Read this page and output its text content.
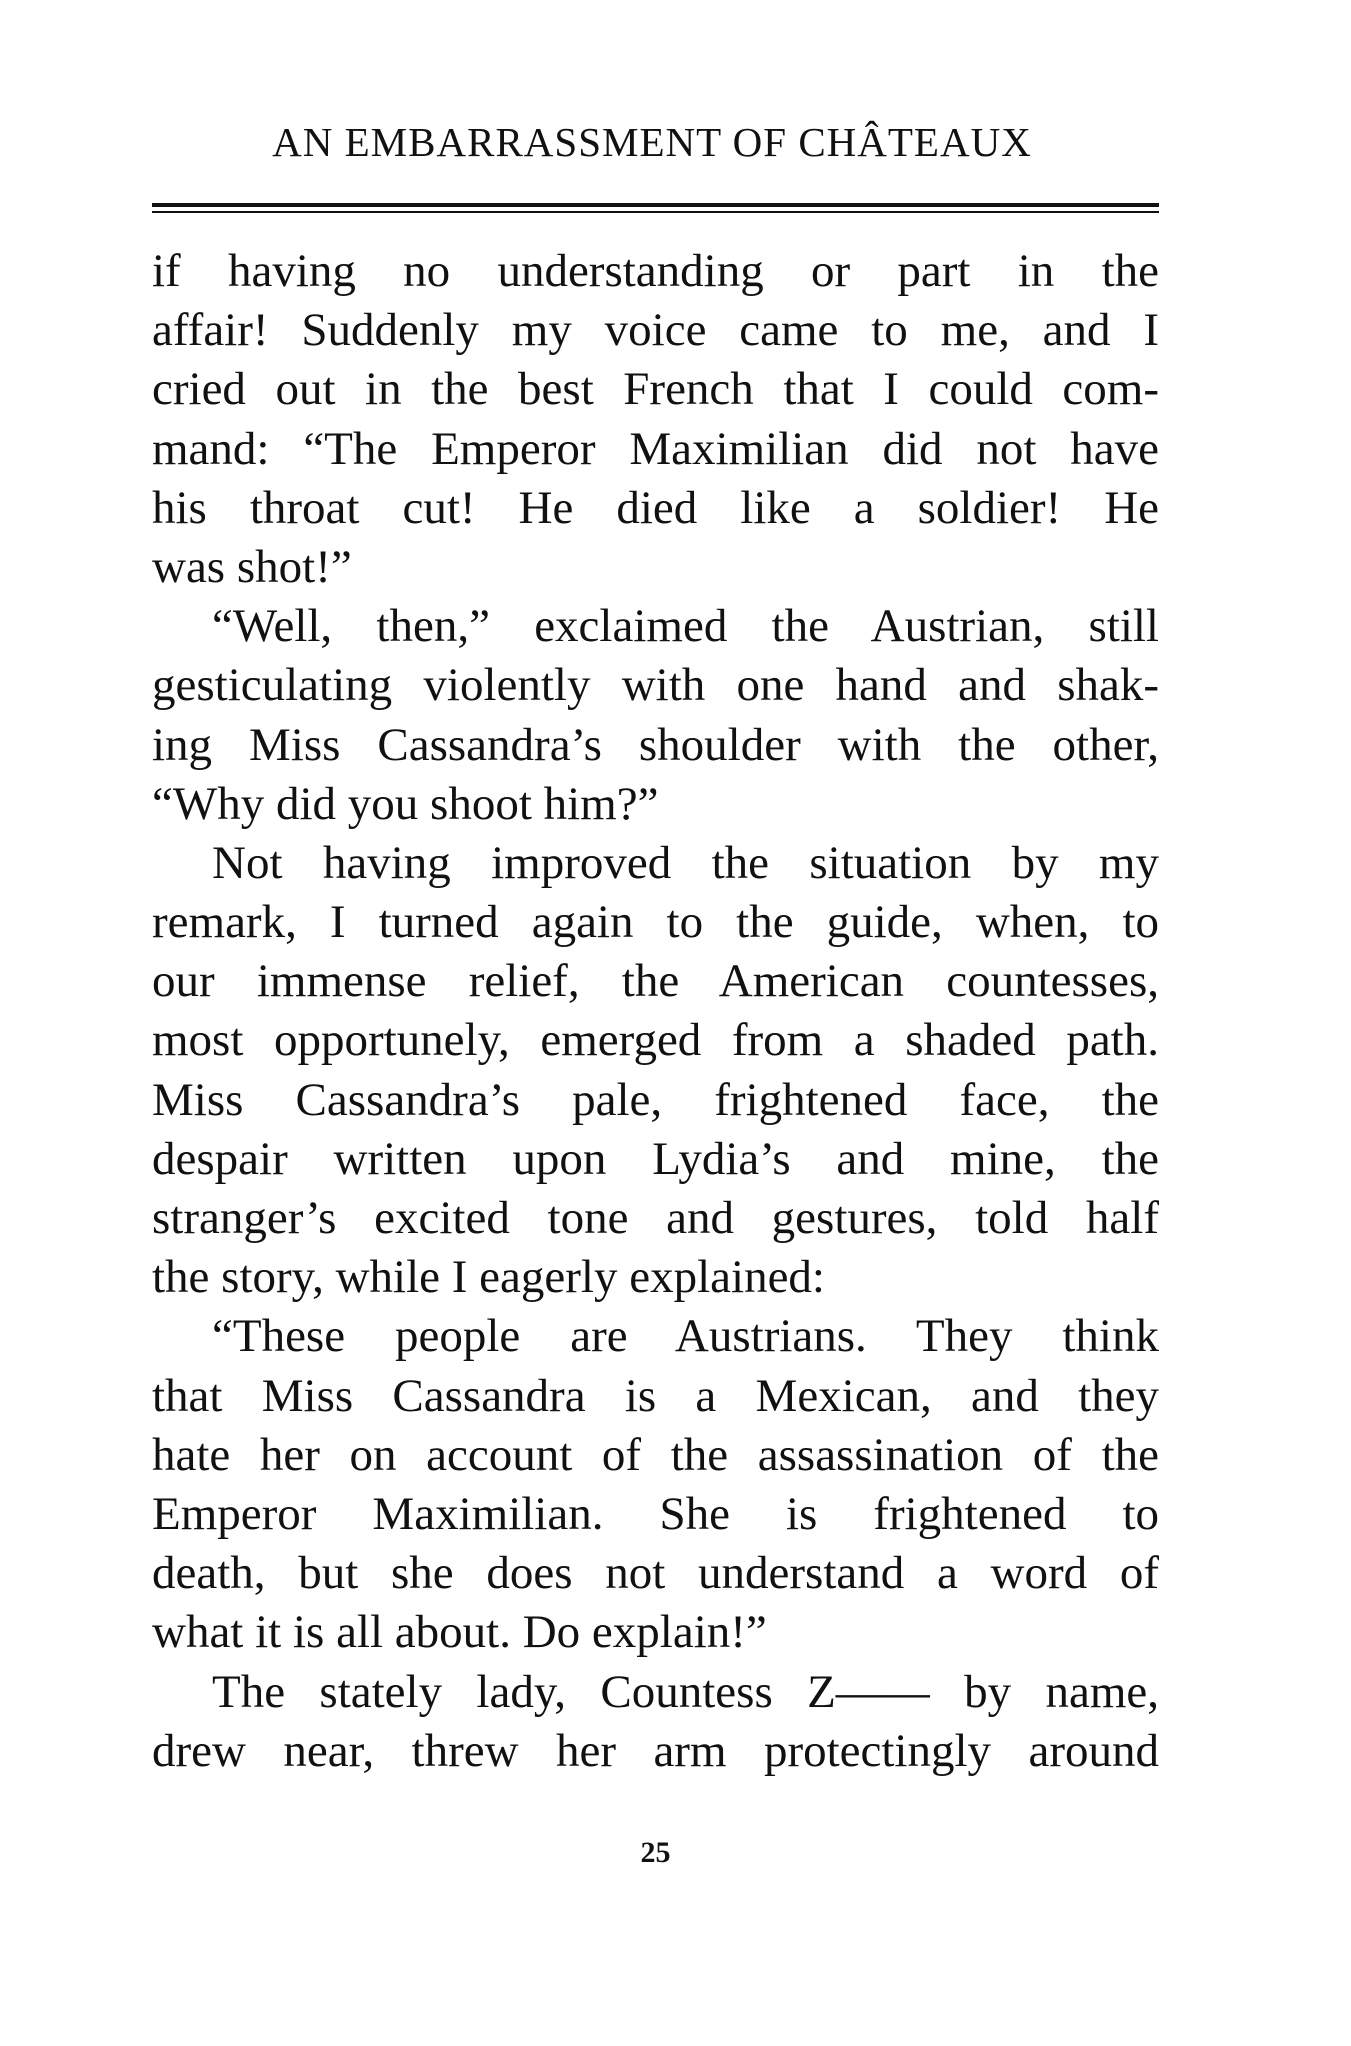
AN EMBARRASSMENT OF CHÂTEAUX
if having no understanding or part in the
affair! Suddenly my voice came to me, and I
cried out in the best French that I could com-
mand: “The Emperor Maximilian did not have
his throat cut! He died like a soldier! He
was shot!”
“Well, then,” exclaimed the Austrian, still
gesticulating violently with one hand and shak-
ing Miss Cassandra’s shoulder with the other,
“Why did you shoot him?”
Not having improved the situation by my
remark, I turned again to the guide, when, to
our immense relief, the American countesses,
most opportunely, emerged from a shaded path.
Miss Cassandra’s pale, frightened face, the
despair written upon Lydia’s and mine, the
stranger’s excited tone and gestures, told half
the story, while I eagerly explained:
“These people are Austrians. They think
that Miss Cassandra is a Mexican, and they
hate her on account of the assassination of the
Emperor Maximilian. She is frightened to
death, but she does not understand a word of
what it is all about. Do explain!”
The stately lady, Countess Z—— by name,
drew near, threw her arm protectingly around
25
